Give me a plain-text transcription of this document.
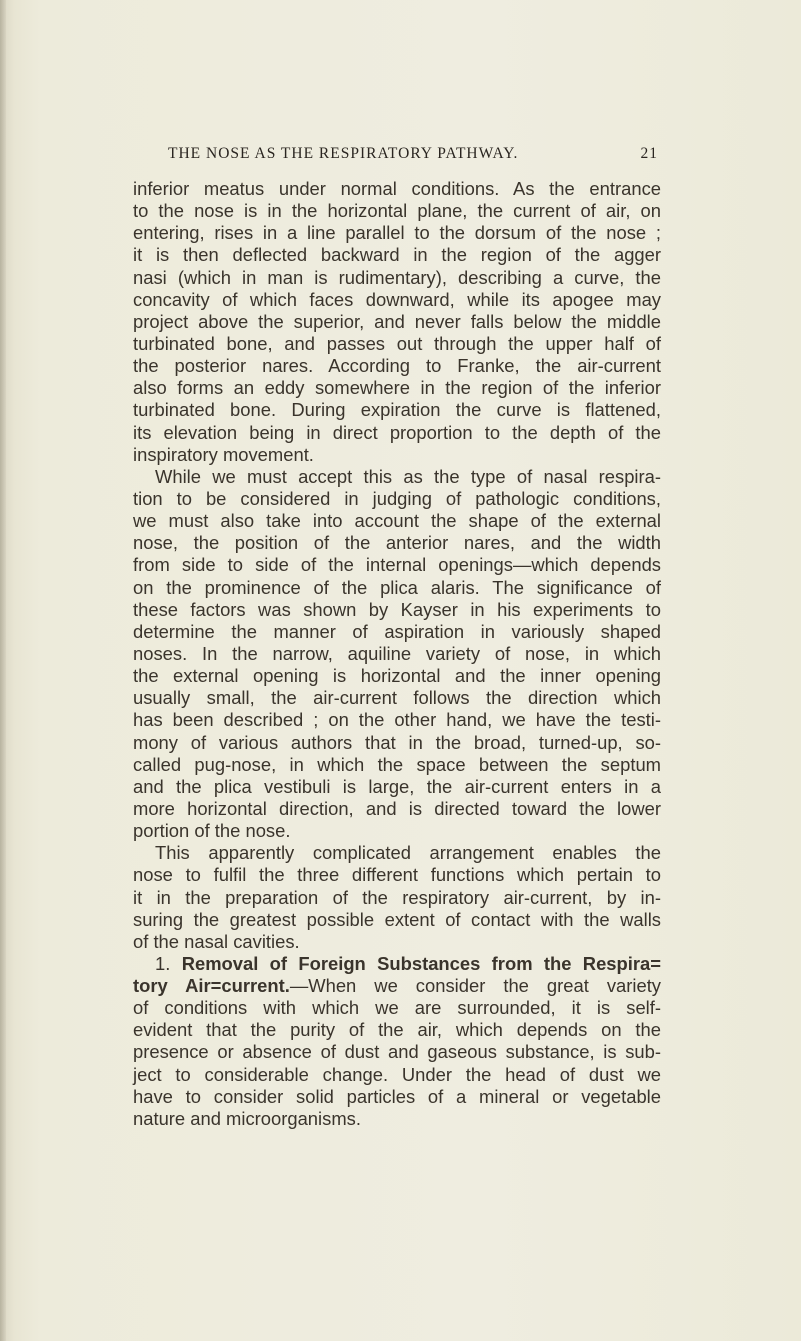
THE NOSE AS THE RESPIRATORY PATHWAY.	21
inferior meatus under normal conditions. As the entrance
to the nose is in the horizontal plane, the current of air, on
entering, rises in a line parallel to the dorsum of the nose ;
it is then deflected backward in the region of the agger
nasi (which in man is rudimentary), describing a curve, the
concavity of which faces downward, while its apogee may
project above the superior, and never falls below the middle
turbinated bone, and passes out through the upper half of
the posterior nares. According to Franke, the air-current
also forms an eddy somewhere in the region of the inferior
turbinated bone. During expiration the curve is flattened,
its elevation being in direct proportion to the depth of the
inspiratory movement.
While we must accept this as the type of nasal respira-
tion to be considered in judging of pathologic conditions,
we must also take into account the shape of the external
nose, the position of the anterior nares, and the width
from side to side of the internal openings—which depends
on the prominence of the plica alaris. The significance of
these factors was shown by Kayser in his experiments to
determine the manner of aspiration in variously shaped
noses. In the narrow, aquiline variety of nose, in which
the external opening is horizontal and the inner opening
usually small, the air-current follows the direction which
has been described ; on the other hand, we have the testi-
mony of various authors that in the broad, turned-up, so-
called pug-nose, in which the space between the septum
and the plica vestibuli is large, the air-current enters in a
more horizontal direction, and is directed toward the lower
portion of the nose.
This apparently complicated arrangement enables the
nose to fulfil the three different functions which pertain to
it in the preparation of the respiratory air-current, by in-
suring the greatest possible extent of contact with the walls
of the nasal cavities.
1. Removal of Foreign Substances from the Respira=
tory Air=current.—When we consider the great variety
of conditions with which we are surrounded, it is self-
evident that the purity of the air, which depends on the
presence or absence of dust and gaseous substance, is sub-
ject to considerable change. Under the head of dust we
have to consider solid particles of a mineral or vegetable
nature and microorganisms.
